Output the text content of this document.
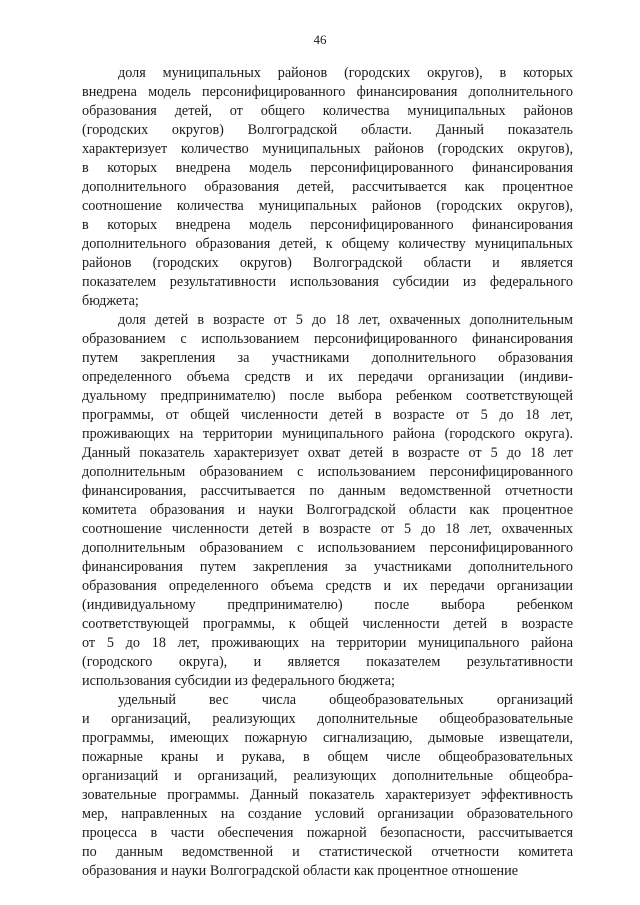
46
доля муниципальных районов (городских округов), в которых
внедрена модель персонифицированного финансирования дополнительного
образования детей, от общего количества муниципальных районов
(городских округов) Волгоградской области. Данный показатель
характеризует количество муниципальных районов (городских округов),
в которых внедрена модель персонифицированного финансирования
дополнительного образования детей, рассчитывается как процентное
соотношение количества муниципальных районов (городских округов),
в которых внедрена модель персонифицированного финансирования
дополнительного образования детей, к общему количеству муниципальных
районов (городских округов) Волгоградской области и является
показателем результативности использования субсидии из федерального
бюджета;
доля детей в возрасте от 5 до 18 лет, охваченных дополнительным
образованием с использованием персонифицированного финансирования
путем закрепления за участниками дополнительного образования
определенного объема средств и их передачи организации (индиви-
дуальному предпринимателю) после выбора ребенком соответствующей
программы, от общей численности детей в возрасте от 5 до 18 лет,
проживающих на территории муниципального района (городского округа).
Данный показатель характеризует охват детей в возрасте от 5 до 18 лет
дополнительным образованием с использованием персонифицированного
финансирования, рассчитывается по данным ведомственной отчетности
комитета образования и науки Волгоградской области как процентное
соотношение численности детей в возрасте от 5 до 18 лет, охваченных
дополнительным образованием с использованием персонифицированного
финансирования путем закрепления за участниками дополнительного
образования определенного объема средств и их передачи организации
(индивидуальному предпринимателю) после выбора ребенком
соответствующей программы, к общей численности детей в возрасте
от 5 до 18 лет, проживающих на территории муниципального района
(городского округа), и является показателем результативности
использования субсидии из федерального бюджета;
удельный вес числа общеобразовательных организаций
и организаций, реализующих дополнительные общеобразовательные
программы, имеющих пожарную сигнализацию, дымовые извещатели,
пожарные краны и рукава, в общем числе общеобразовательных
организаций и организаций, реализующих дополнительные общеобра-
зовательные программы. Данный показатель характеризует эффективность
мер, направленных на создание условий организации образовательного
процесса в части обеспечения пожарной безопасности, рассчитывается
по данным ведомственной и статистической отчетности комитета
образования и науки Волгоградской области как процентное отношение
